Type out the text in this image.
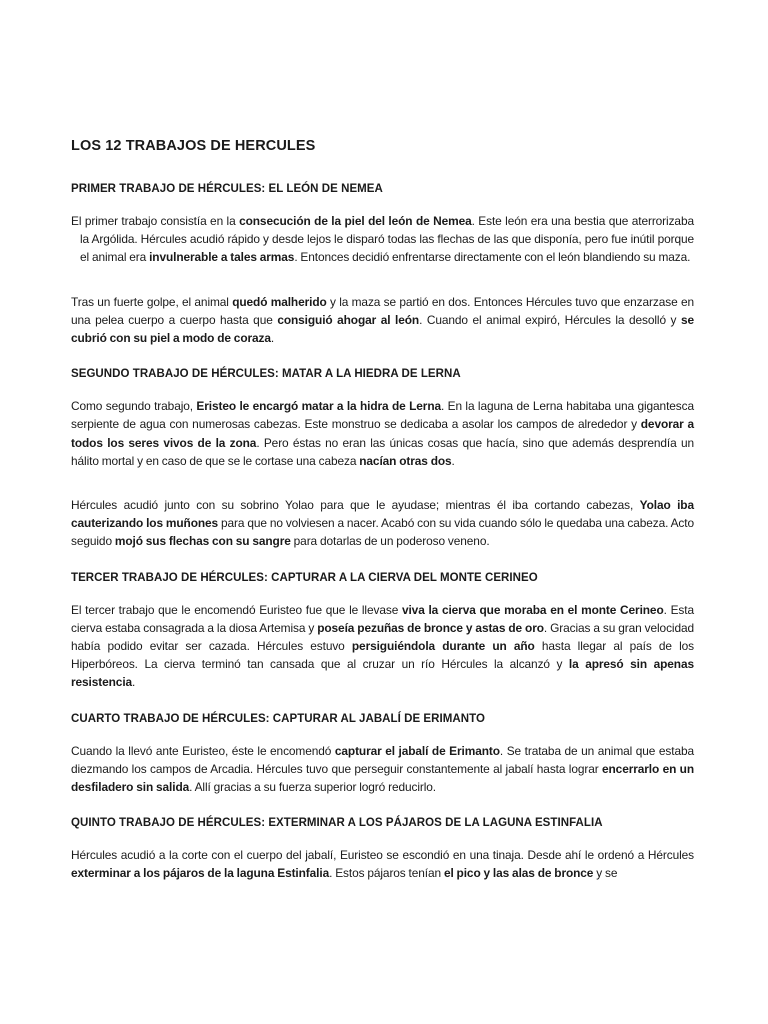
LOS 12 TRABAJOS DE HERCULES
PRIMER TRABAJO DE HÉRCULES: EL LEÓN DE NEMEA

El primer trabajo consistía en la consecución de la piel del león de Nemea. Este león era una bestia que aterrorizaba la Argólida. Hércules acudió rápido y desde lejos le disparó todas las flechas de las que disponía, pero fue inútil porque el animal era invulnerable a tales armas. Entonces decidió enfrentarse directamente con el león blandiendo su maza.

Tras un fuerte golpe, el animal quedó malherido y la maza se partió en dos. Entonces Hércules tuvo que enzarzase en una pelea cuerpo a cuerpo hasta que consiguió ahogar al león. Cuando el animal expiró, Hércules la desolló y se cubrió con su piel a modo de coraza.

SEGUNDO TRABAJO DE HÉRCULES: MATAR A LA HIEDRA DE LERNA

Como segundo trabajo, Eristeo le encargó matar a la hidra de Lerna. En la laguna de Lerna habitaba una gigantesca serpiente de agua con numerosas cabezas. Este monstruo se dedicaba a asolar los campos de alrededor y devorar a todos los seres vivos de la zona. Pero éstas no eran las únicas cosas que hacía, sino que además desprendía un hálito mortal y en caso de que se le cortase una cabeza nacían otras dos.

Hércules acudió junto con su sobrino Yolao para que le ayudase; mientras él iba cortando cabezas, Yolao iba cauterizando los muñones para que no volviesen a nacer. Acabó con su vida cuando sólo le quedaba una cabeza. Acto seguido mojó sus flechas con su sangre para dotarlas de un poderoso veneno.

TERCER TRABAJO DE HÉRCULES: CAPTURAR A LA CIERVA DEL MONTE CERINEO

El tercer trabajo que le encomendó Euristeo fue que le llevase viva la cierva que moraba en el monte Cerineo. Esta cierva estaba consagrada a la diosa Artemisa y poseía pezuñas de bronce y astas de oro. Gracias a su gran velocidad había podido evitar ser cazada. Hércules estuvo persiguiéndola durante un año hasta llegar al país de los Hiperbóreos. La cierva terminó tan cansada que al cruzar un río Hércules la alcanzó y la apresó sin apenas resistencia.

CUARTO TRABAJO DE HÉRCULES: CAPTURAR AL JABALÍ DE ERIMANTO

Cuando la llevó ante Euristeo, éste le encomendó capturar el jabalí de Erimanto. Se trataba de un animal que estaba diezmando los campos de Arcadia. Hércules tuvo que perseguir constantemente al jabalí hasta lograr encerrarlo en un desfiladero sin salida. Allí gracias a su fuerza superior logró reducirlo.

QUINTO TRABAJO DE HÉRCULES: EXTERMINAR A LOS PÁJAROS DE LA LAGUNA ESTINFALIA

Hércules acudió a la corte con el cuerpo del jabalí, Euristeo se escondió en una tinaja. Desde ahí le ordenó a Hércules exterminar a los pájaros de la laguna Estinfalia. Estos pájaros tenían el pico y las alas de bronce y se
